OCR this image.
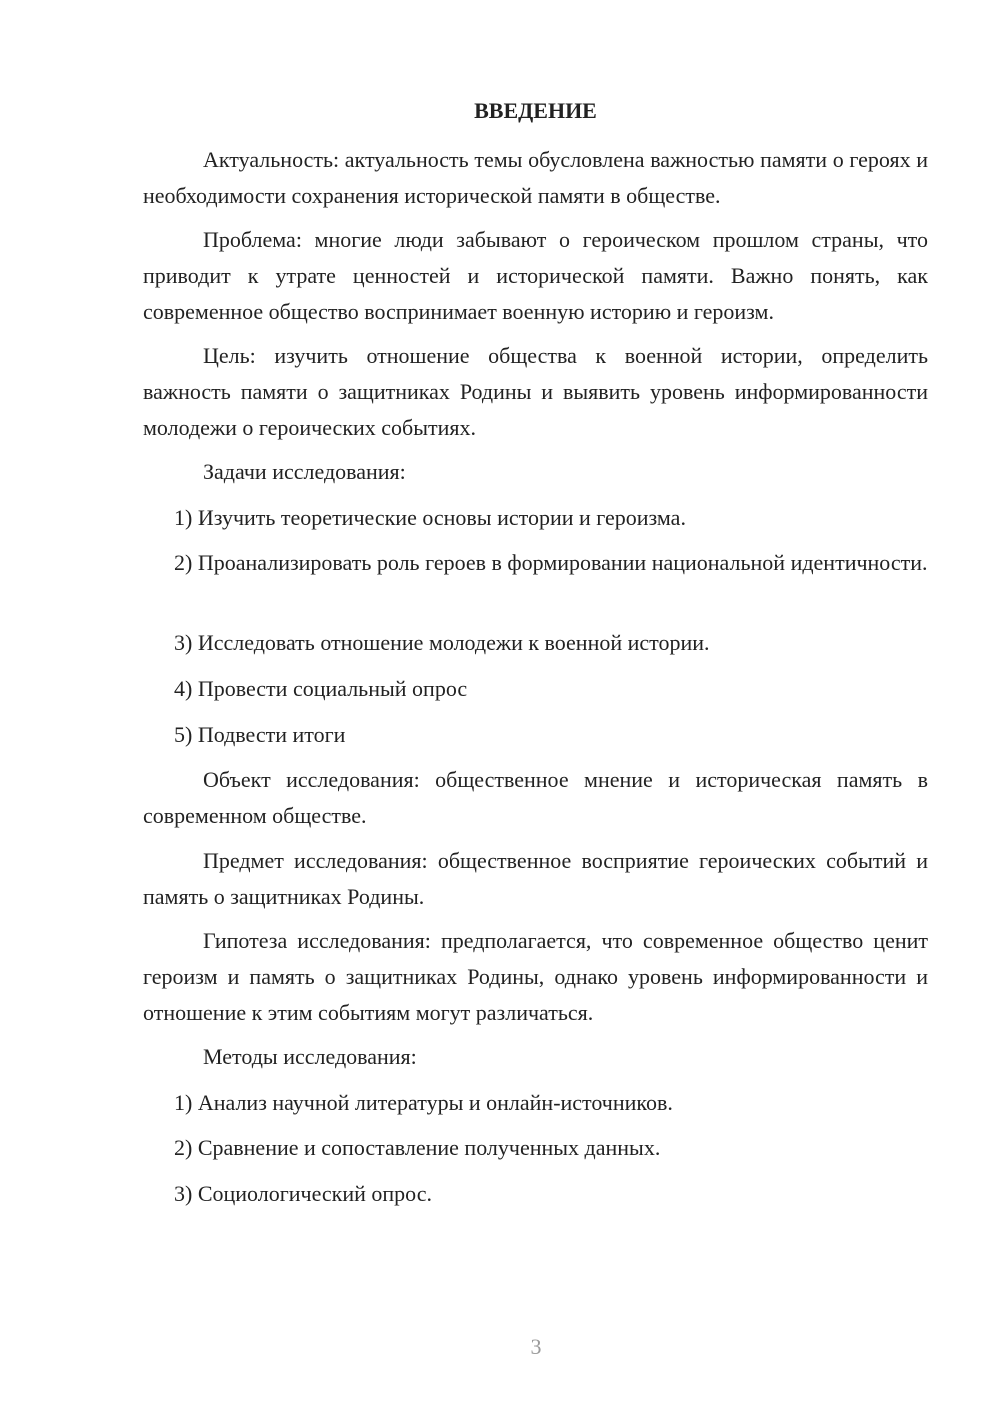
ВВЕДЕНИЕ

Актуальность: актуальность темы обусловлена важностью памяти о героях и необходимости сохранения исторической памяти в обществе.

Проблема: многие люди забывают о героическом прошлом страны, что приводит к утрате ценностей и исторической памяти. Важно понять, как современное общество воспринимает военную историю и героизм.

Цель: изучить отношение общества к военной истории, определить важность памяти о защитниках Родины и выявить уровень информированности молодежи о героических событиях.

Задачи исследования:

1) Изучить теоретические основы истории и героизма.

2) Проанализировать роль героев в формировании национальной идентичности.

3) Исследовать отношение молодежи к военной истории.

4) Провести социальный опрос

5) Подвести итоги

Объект исследования: общественное мнение и историческая память в современном обществе.

Предмет исследования: общественное восприятие героических событий и память о защитниках Родины.

Гипотеза исследования: предполагается, что современное общество ценит героизм и память о защитниках Родины, однако уровень информированности и отношение к этим событиям могут различаться.

Методы исследования:

1) Анализ научной литературы и онлайн-источников.

2) Сравнение и сопоставление полученных данных.

3) Социологический опрос.

3
